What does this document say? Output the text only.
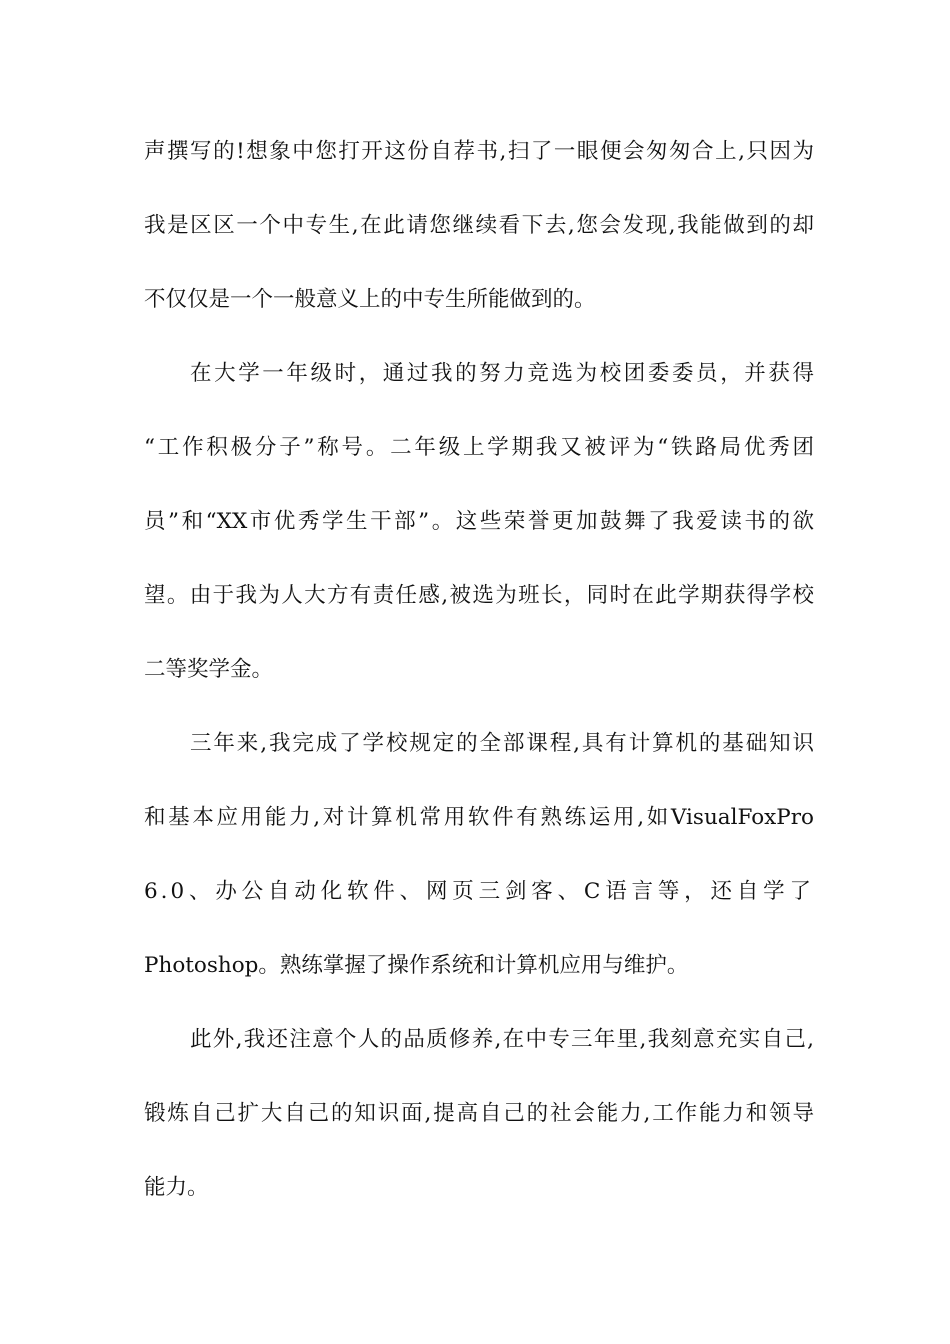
声撰写的!想象中您打开这份自荐书,扫了一眼便会匆匆合上,只因为
我是区区一个中专生,在此请您继续看下去,您会发现,我能做到的却
不仅仅是一个一般意义上的中专生所能做到的。
在大学一年级时，通过我的努力竞选为校团委委员，并获得
“工作积极分子”称号。二年级上学期我又被评为“铁路局优秀团
员”和“XX市优秀学生干部”。这些荣誉更加鼓舞了我爱读书的欲
望。由于我为人大方有责任感,被选为班长，同时在此学期获得学校
二等奖学金。
三年来,我完成了学校规定的全部课程,具有计算机的基础知识
和基本应用能力,对计算机常用软件有熟练运用,如VisualFoxPro
6.0、办公自动化软件、网页三剑客、C语言等，还自学了
Photoshop。熟练掌握了操作系统和计算机应用与维护。
此外,我还注意个人的品质修养,在中专三年里,我刻意充实自己,
锻炼自己扩大自己的知识面,提高自己的社会能力,工作能力和领导
能力。
